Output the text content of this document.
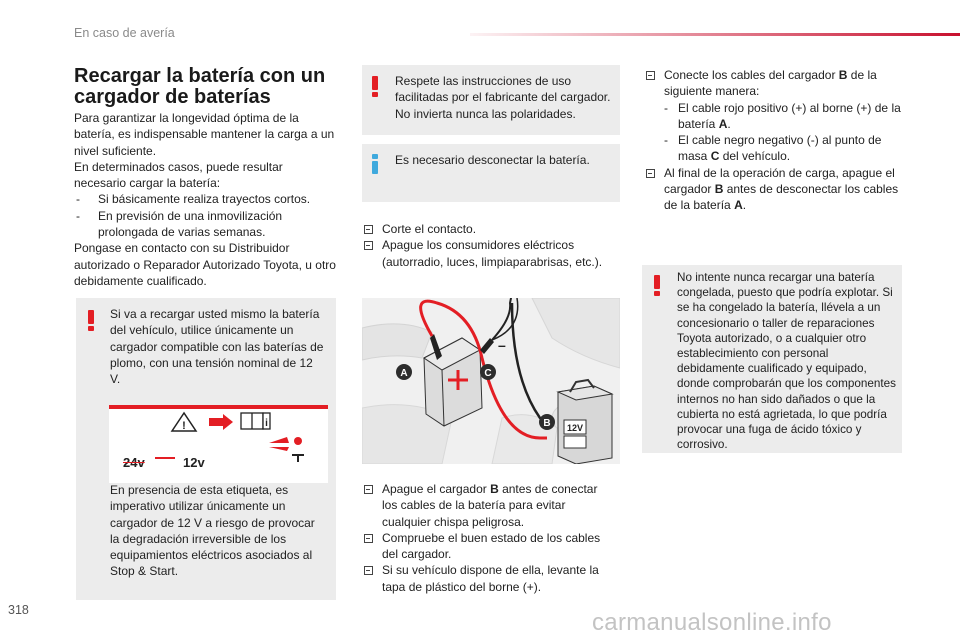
En caso de avería
Recargar la batería con un cargador de baterías

Para garantizar la longevidad óptima de la batería, es indispensable mantener la carga a un nivel suficiente.

En determinados casos, puede resultar necesario cargar la batería:

- Si básicamente realiza trayectos cortos.
- En previsión de una inmovilización prolongada de varias semanas.

Pongase en contacto con su Distribuidor autorizado o Reparador Autorizado Toyota, u otro debidamente cualificado.

Si va a recargar usted mismo la batería del vehículo, utilice únicamente un cargador compatible con las baterías de plomo, con una tensión nominal de 12 V.
!	i
24v	12v
En presencia de esta etiqueta, es imperativo utilizar únicamente un cargador de 12 V a riesgo de provocar la degradación irreversible de los equipamientos eléctricos asociados al Stop & Start.
Respete las instrucciones de uso facilitadas por el fabricante del cargador. No invierta nunca las polaridades.
Es necesario desconectar la batería.
Corte el contacto.
Apague los consumidores eléctricos (autorradio, luces, limpiaparabrisas, etc.).
12V
–
A	C
B
Apague el cargador B antes de conectar los cables de la batería para evitar cualquier chispa peligrosa.
Compruebe el buen estado de los cables del cargador.
Si su vehículo dispone de ella, levante la tapa de plástico del borne (+).
Conecte los cables del cargador B de la siguiente manera:
- El cable rojo positivo (+) al borne (+) de la batería A.
- El cable negro negativo (-) al punto de masa C del vehículo.
Al final de la operación de carga, apague el cargador B antes de desconectar los cables de la batería A.
No intente nunca recargar una batería congelada, puesto que podría explotar. Si se ha congelado la batería, llévela a un concesionario o taller de reparaciones Toyota autorizado, o a cualquier otro establecimiento con personal debidamente cualificado y equipado, donde comprobarán que los componentes internos no han sido dañados o que la cubierta no está agrietada, lo que podría provocar una fuga de ácido tóxico y corrosivo.
318	carmanualsonline.info
